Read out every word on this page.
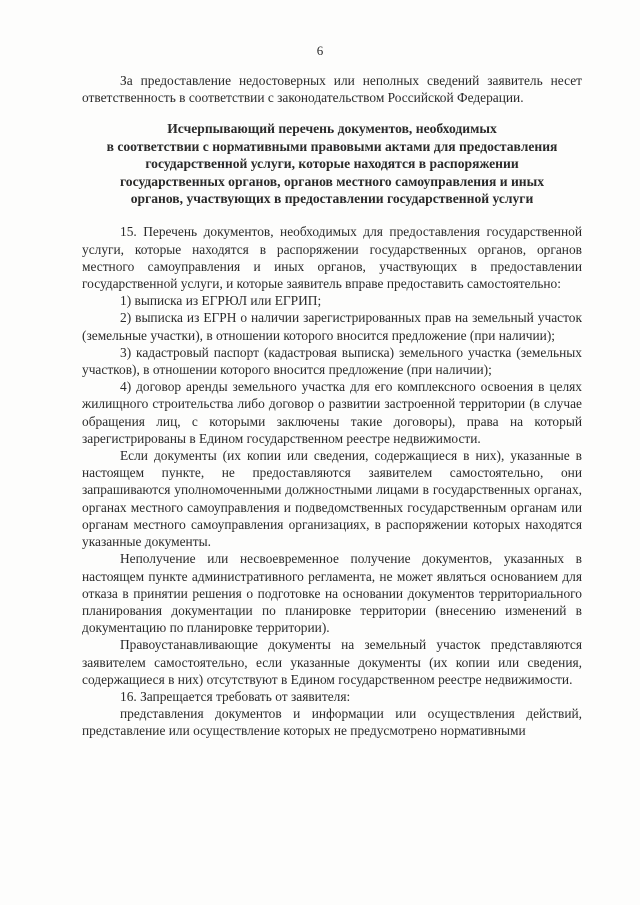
6

За предоставление недостоверных или неполных сведений заявитель несет ответственность в соответствии с законодательством Российской Федерации.

Исчерпывающий перечень документов, необходимых
в соответствии с нормативными правовыми актами для предоставления
государственной услуги, которые находятся в распоряжении
государственных органов, органов местного самоуправления и иных
органов, участвующих в предоставлении государственной услуги

15. Перечень документов, необходимых для предоставления государственной услуги, которые находятся в распоряжении государственных органов, органов местного самоуправления и иных органов, участвующих в предоставлении государственной услуги, и которые заявитель вправе предоставить самостоятельно:

1) выписка из ЕГРЮЛ или ЕГРИП;

2) выписка из ЕГРН о наличии зарегистрированных прав на земельный участок (земельные участки), в отношении которого вносится предложение (при наличии);

3) кадастровый паспорт (кадастровая выписка) земельного участка (земельных участков), в отношении которого вносится предложение (при наличии);

4) договор аренды земельного участка для его комплексного освоения в целях жилищного строительства либо договор о развитии застроенной территории (в случае обращения лиц, с которыми заключены такие договоры), права на который зарегистрированы в Едином государственном реестре недвижимости.

Если документы (их копии или сведения, содержащиеся в них), указанные в настоящем пункте, не предоставляются заявителем самостоятельно, они запрашиваются уполномоченными должностными лицами в государственных органах, органах местного самоуправления и подведомственных государственным органам или органам местного самоуправления организациях, в распоряжении которых находятся указанные документы.

Неполучение или несвоевременное получение документов, указанных в настоящем пункте административного регламента, не может являться основанием для отказа в принятии решения о подготовке на основании документов территориального планирования документации по планировке территории (внесению изменений в документацию по планировке территории).

Правоустанавливающие документы на земельный участок представляются заявителем самостоятельно, если указанные документы (их копии или сведения, содержащиеся в них) отсутствуют в Едином государственном реестре недвижимости.

16. Запрещается требовать от заявителя:

представления документов и информации или осуществления действий, представление или осуществление которых не предусмотрено нормативными
